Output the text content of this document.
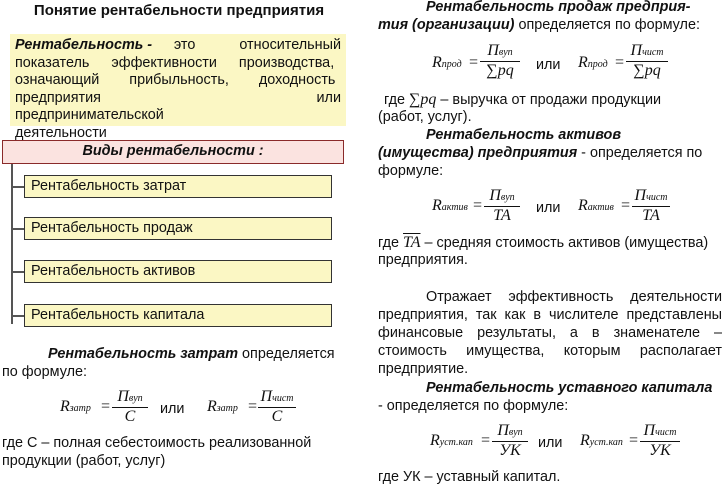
Понятие рентабельности предприятия
Рентабельность - это относительный
показатель эффективности производства,
означающий прибыльность, доходность
предприятия или предпринимательской
деятельности
Виды рентабельности :
Рентабельность затрат
Рентабельность продаж
Рентабельность активов
Рентабельность капитала
Рентабельность затрат определяется
по формуле:
Rзатр =
Пвуп
С	или Rзатр =
Пчист
С
где С – полная себестоимость реализованной
продукции (работ, услуг)
Рентабельность продаж предприя-
тия (организации) определяется по формуле:
Rпрод =
Пвуп
∑pq	или Rпрод =
Пчист
∑pq
где ∑pq – выручка от продажи продукции
(работ, услуг).
Рентабельность активов
(имущества) предприятия - определяется по
формуле:
Rактив =
Пвуп
$\overline{TA}$	или Rактив =
Пчист
$\overline{TA}$
где $\overline{TA}$ – средняя стоимость активов (имущества)
предприятия.
Отражает эффективность деятельности
предприятия, так как в числителе представлены
финансовые результаты, а в знаменателе –
стоимость имущества, которым располагает
предприятие.
Рентабельность уставного капитала
- определяется по формуле:
Rуст.кап =
Пвуп
УК	или Rуст.кап =
Пчист
УК
где УК – уставный капитал.
